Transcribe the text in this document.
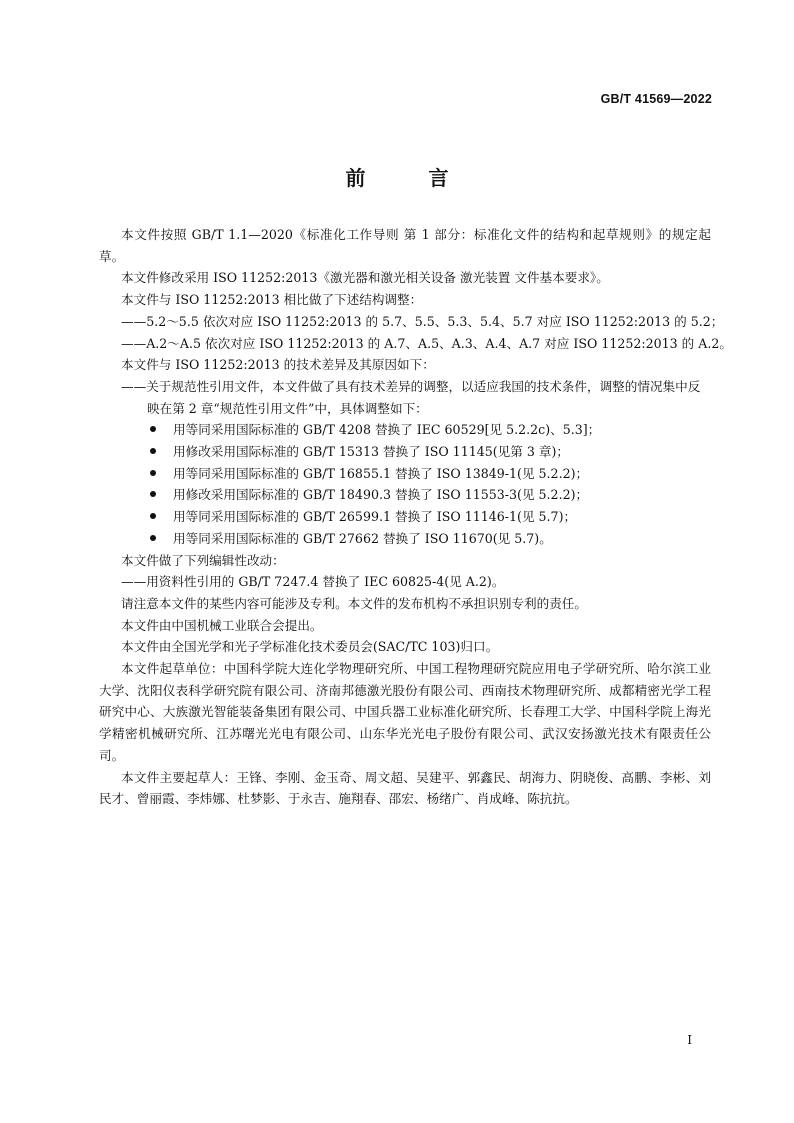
GB/T 41569—2022
前 言

本文件按照 GB/T 1.1—2020《标准化工作导则 第 1 部分：标准化文件的结构和起草规则》的规定起草。

本文件修改采用 ISO 11252:2013《激光器和激光相关设备 激光装置 文件基本要求》。

本文件与 ISO 11252:2013 相比做了下述结构调整：

——5.2～5.5 依次对应 ISO 11252:2013 的 5.7、5.5、5.3、5.4、5.7 对应 ISO 11252:2013 的 5.2；

——A.2～A.5 依次对应 ISO 11252:2013 的 A.7、A.5、A.3、A.4、A.7 对应 ISO 11252:2013 的 A.2。

本文件与 ISO 11252:2013 的技术差异及其原因如下：

——关于规范性引用文件，本文件做了具有技术差异的调整，以适应我国的技术条件，调整的情况集中反映在第 2 章“规范性引用文件”中，具体调整如下：

用等同采用国际标准的 GB/T 4208 替换了 IEC 60529[见 5.2.2c)、5.3]；

用修改采用国际标准的 GB/T 15313 替换了 ISO 11145(见第 3 章)；

用等同采用国际标准的 GB/T 16855.1 替换了 ISO 13849-1(见 5.2.2)；

用修改采用国际标准的 GB/T 18490.3 替换了 ISO 11553-3(见 5.2.2)；

用等同采用国际标准的 GB/T 26599.1 替换了 ISO 11146-1(见 5.7)；

用等同采用国际标准的 GB/T 27662 替换了 ISO 11670(见 5.7)。

本文件做了下列编辑性改动：

——用资料性引用的 GB/T 7247.4 替换了 IEC 60825-4(见 A.2)。

请注意本文件的某些内容可能涉及专利。本文件的发布机构不承担识别专利的责任。

本文件由中国机械工业联合会提出。

本文件由全国光学和光子学标准化技术委员会(SAC/TC 103)归口。

本文件起草单位：中国科学院大连化学物理研究所、中国工程物理研究院应用电子学研究所、哈尔滨工业大学、沈阳仪表科学研究院有限公司、济南邦德激光股份有限公司、西南技术物理研究所、成都精密光学工程研究中心、大族激光智能装备集团有限公司、中国兵器工业标准化研究所、长春理工大学、中国科学院上海光学精密机械研究所、江苏曙光光电有限公司、山东华光光电子股份有限公司、武汉安扬激光技术有限责任公司。

本文件主要起草人：王锋、李刚、金玉奇、周文超、吴建平、郭鑫民、胡海力、阴晓俊、高鹏、李彬、刘民才、曾丽霞、李炜娜、杜梦影、于永吉、施翔春、邵宏、杨绪广、肖成峰、陈抗抗。

I
